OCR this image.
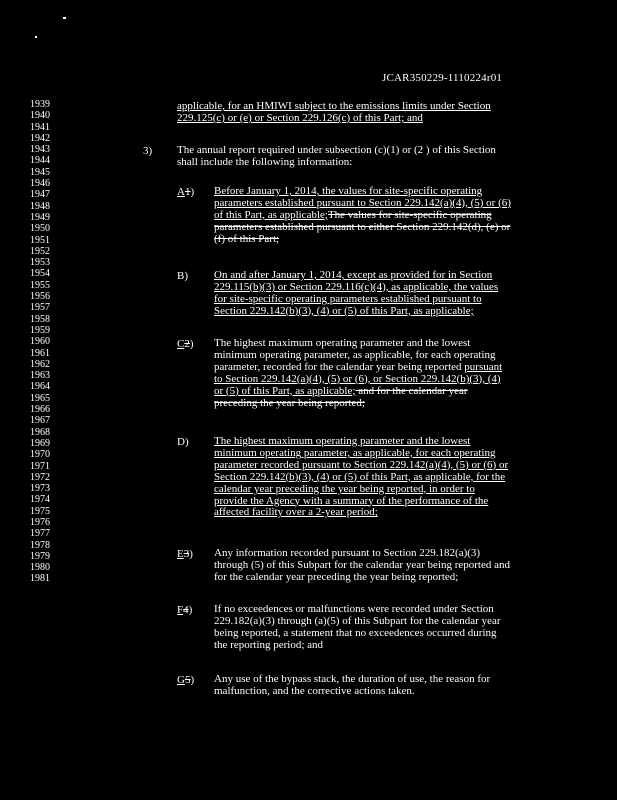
JCAR350229-1110224r01
1939
1940
1941
1942
1943
1944
1945
1946
1947
1948
1949
1950
1951
1952
1953
1954
1955
1956
1957
1958
1959
1960
1961
1962
1963
1964
1965
1966
1967
1968
1969
1970
1971
1972
1973
1974
1975
1976
1977
1978
1979
1980
1981
applicable, for an HMIWI subject to the emissions limits under Section
229.125(c) or (e) or Section 229.126(c) of this Part; and
3) The annual report required under subsection (c)(1) or (2 ) of this Section
shall include the following information:
A1) Before January 1, 2014, the values for site-specific operating
parameters established pursuant to Section 229.142(a)(4), (5) or (6)
of this Part, as applicable;The values for site-specific operating
parameters established pursuant to either Section 229.142(d), (e) or
(f) of this Part;
B) On and after January 1, 2014, except as provided for in Section
229.115(b)(3) or Section 229.116(c)(4), as applicable, the values
for site-specific operating parameters established pursuant to
Section 229.142(b)(3), (4) or (5) of this Part, as applicable;
C2) The highest maximum operating parameter and the lowest
minimum operating parameter, as applicable, for each operating
parameter, recorded for the calendar year being reported pursuant
to Section 229.142(a)(4), (5) or (6), or Section 229.142(b)(3), (4)
or (5) of this Part, as applicable; and for the calendar year
preceding the year being reported;
D) The highest maximum operating parameter and the lowest
minimum operating parameter, as applicable, for each operating
parameter recorded pursuant to Section 229.142(a)(4), (5) or (6) or
Section 229.142(b)(3), (4) or (5) of this Part, as applicable, for the
calendar year preceding the year being reported, in order to
provide the Agency with a summary of the performance of the
affected facility over a 2-year period;
E3) Any information recorded pursuant to Section 229.182(a)(3)
through (5) of this Subpart for the calendar year being reported and
for the calendar year preceding the year being reported;
F4) If no exceedences or malfunctions were recorded under Section
229.182(a)(3) through (a)(5) of this Subpart for the calendar year
being reported, a statement that no exceedences occurred during
the reporting period; and
G5) Any use of the bypass stack, the duration of use, the reason for
malfunction, and the corrective actions taken.
